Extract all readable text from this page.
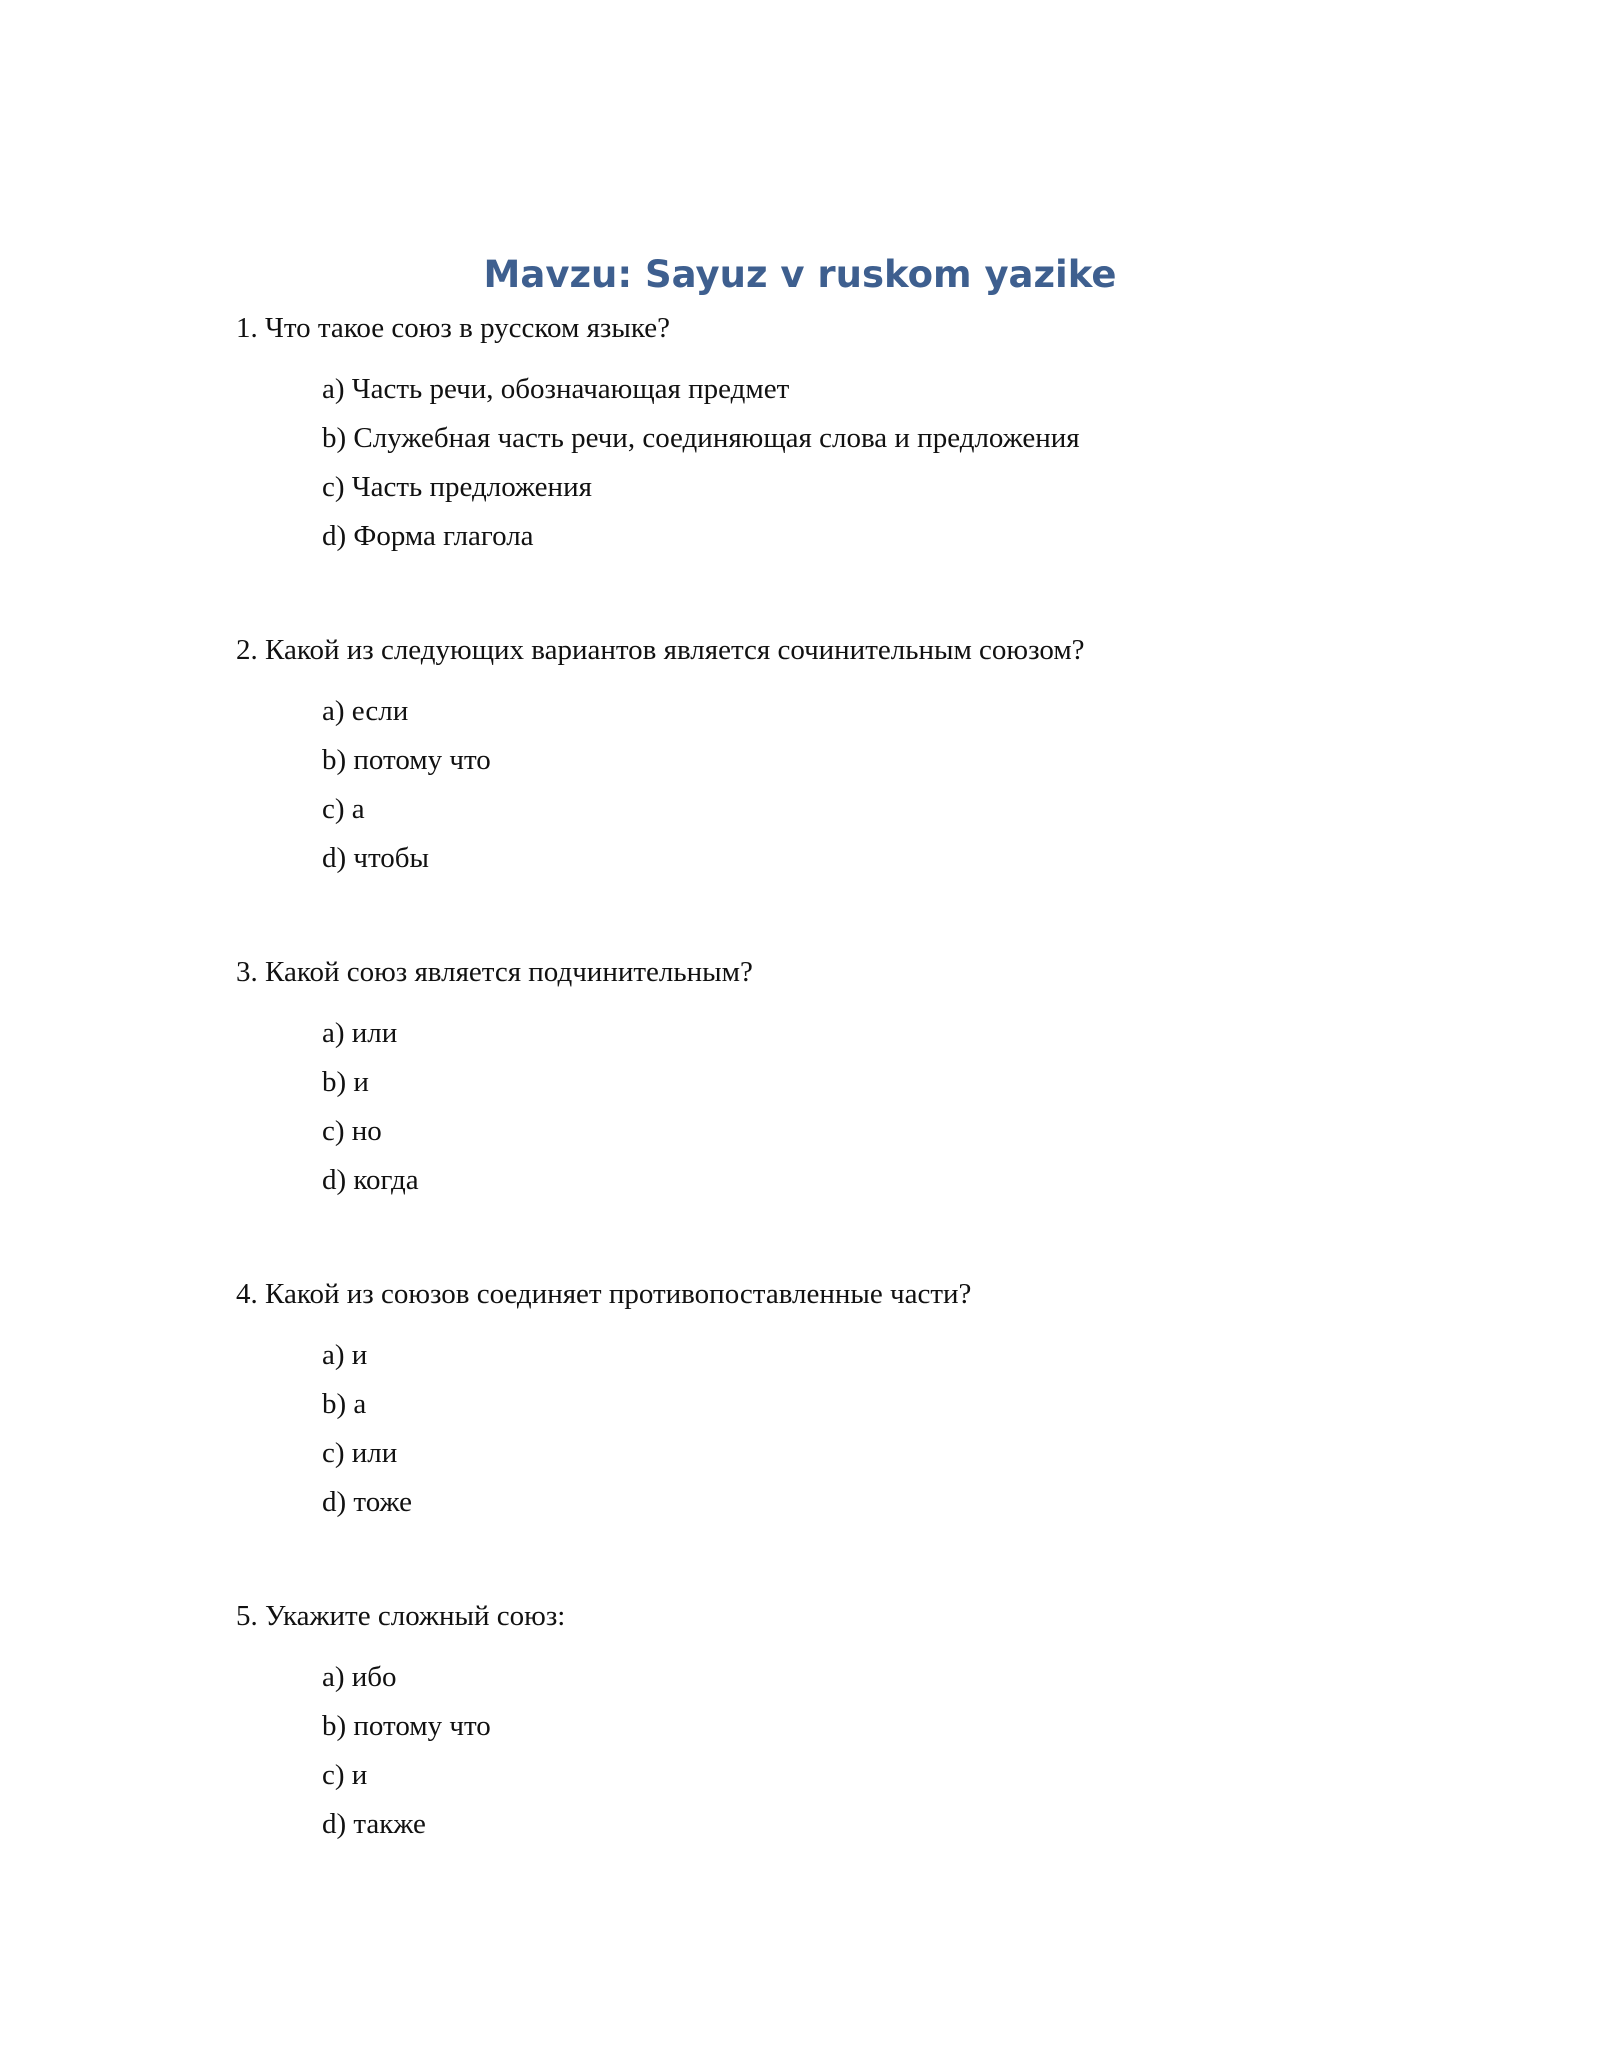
Mavzu: Sayuz v ruskom yazike
1. Что такое союз в русском языке?
a) Часть речи, обозначающая предмет
b) Служебная часть речи, соединяющая слова и предложения
c) Часть предложения
d) Форма глагола
2. Какой из следующих вариантов является сочинительным союзом?
a) если
b) потому что
c) а
d) чтобы
3. Какой союз является подчинительным?
a) или
b) и
c) но
d) когда
4. Какой из союзов соединяет противопоставленные части?
a) и
b) а
c) или
d) тоже
5. Укажите сложный союз:
a) ибо
b) потому что
c) и
d) также
